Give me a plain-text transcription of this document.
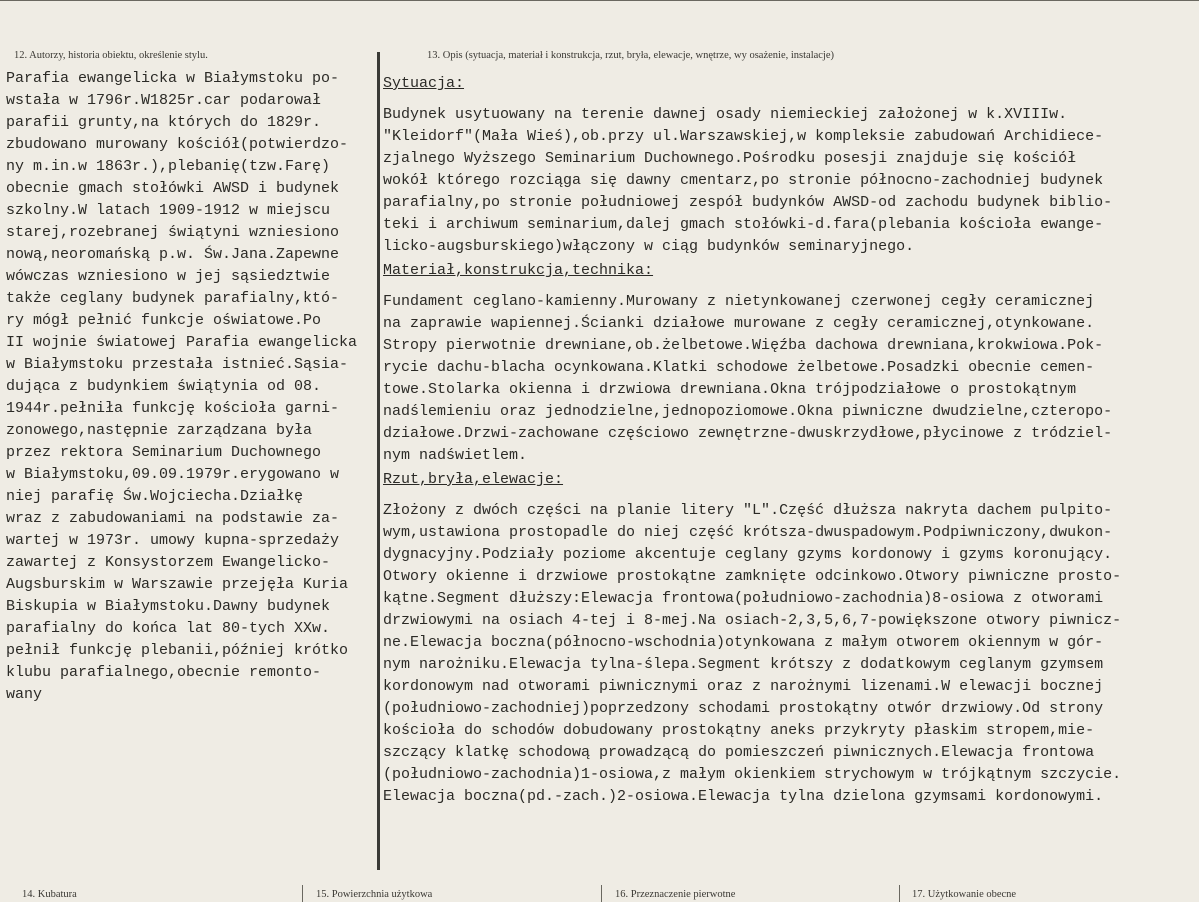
12. Autorzy, historia obiektu, określenie stylu.	13. Opis (sytuacja, materiał i konstrukcja, rzut, bryła, elewacje, wnętrze, wy osażenie, instalacje)
Parafia ewangelicka w Białymstoku po-
wstała w 1796r.W1825r.car podarował
parafii grunty,na których do 1829r.
zbudowano murowany kościół(potwierdzo-
ny m.in.w 1863r.),plebanię(tzw.Farę)
obecnie gmach stołówki AWSD i budynek
szkolny.W latach 1909-1912 w miejscu
starej,rozebranej świątyni wzniesiono
nową,neoromańską p.w. Św.Jana.Zapewne
wówczas wzniesiono w jej sąsiedztwie
także ceglany budynek parafialny,któ-
ry mógł pełnić funkcje oświatowe.Po
II wojnie światowej Parafia ewangelicka
w Białymstoku przestała istnieć.Sąsia-
dująca z budynkiem świątynia od 08.
1944r.pełniła funkcję kościoła garni-
zonowego,następnie zarządzana była
przez rektora Seminarium Duchownego
w Białymstoku,09.09.1979r.erygowano w
niej parafię Św.Wojciecha.Działkę
wraz z zabudowaniami na podstawie za-
wartej w 1973r. umowy kupna-sprzedaży
zawartej z Konsystorzem Ewangelicko-
Augsburskim w Warszawie przejęła Kuria
Biskupia w Białymstoku.Dawny budynek
parafialny do końca lat 80-tych XXw.
pełnił funkcję plebanii,później krótko
klubu parafialnego,obecnie remonto-
wany
Sytuacja:
Budynek usytuowany na terenie dawnej osady niemieckiej założonej w k.XVIIIw.
"Kleidorf"(Mała Wieś),ob.przy ul.Warszawskiej,w kompleksie zabudowań Archidiece-
zjalnego Wyższego Seminarium Duchownego.Pośrodku posesji znajduje się kościół
wokół którego rozciąga się dawny cmentarz,po stronie północno-zachodniej budynek
parafialny,po stronie południowej zespół budynków AWSD-od zachodu budynek biblio-
teki i archiwum seminarium,dalej gmach stołówki-d.fara(plebania kościoła ewange-
licko-augsburskiego)włączony w ciąg budynków seminaryjnego.
Materiał,konstrukcja,technika:
Fundament ceglano-kamienny.Murowany z nietynkowanej czerwonej cegły ceramicznej
na zaprawie wapiennej.Ścianki działowe murowane z cegły ceramicznej,otynkowane.
Stropy pierwotnie drewniane,ob.żelbetowe.Więźba dachowa drewniana,krokwiowa.Pok-
rycie dachu-blacha ocynkowana.Klatki schodowe żelbetowe.Posadzki obecnie cemen-
towe.Stolarka okienna i drzwiowa drewniana.Okna trójpodziałowe o prostokątnym
nadślemieniu oraz jednodzielne,jednopoziomowe.Okna piwniczne dwudzielne,czteropo-
działowe.Drzwi-zachowane częściowo zewnętrzne-dwuskrzydłowe,płycinowe z tródziel-
nym nadświetlem.
Rzut,bryła,elewacje:
Złożony z dwóch części na planie litery "L".Część dłuższa nakryta dachem pulpito-
wym,ustawiona prostopadle do niej część krótsza-dwuspadowym.Podpiwniczony,dwukon-
dygnacyjny.Podziały poziome akcentuje ceglany gzyms kordonowy i gzyms koronujący.
Otwory okienne i drzwiowe prostokątne zamknięte odcinkowo.Otwory piwniczne prosto-
kątne.Segment dłuższy:Elewacja frontowa(południowo-zachodnia)8-osiowa z otworami
drzwiowymi na osiach 4-tej i 8-mej.Na osiach-2,3,5,6,7-powiększone otwory piwnicz-
ne.Elewacja boczna(północno-wschodnia)otynkowana z małym otworem okiennym w gór-
nym narożniku.Elewacja tylna-ślepa.Segment krótszy z dodatkowym ceglanym gzymsem
kordonowym nad otworami piwnicznymi oraz z narożnymi lizenami.W elewacji bocznej
(południowo-zachodniej)poprzedzony schodami prostokątny otwór drzwiowy.Od strony
kościoła do schodów dobudowany prostokątny aneks przykryty płaskim stropem,mie-
szczący klatkę schodową prowadzącą do pomieszczeń piwnicznych.Elewacja frontowa
(południowo-zachodnia)1-osiowa,z małym okienkiem strychowym w trójkątnym szczycie.
Elewacja boczna(pd.-zach.)2-osiowa.Elewacja tylna dzielona gzymsami kordonowymi.
14. Kubatura	15. Powierzchnia użytkowa	16. Przeznaczenie pierwotne	17. Użytkowanie obecne
